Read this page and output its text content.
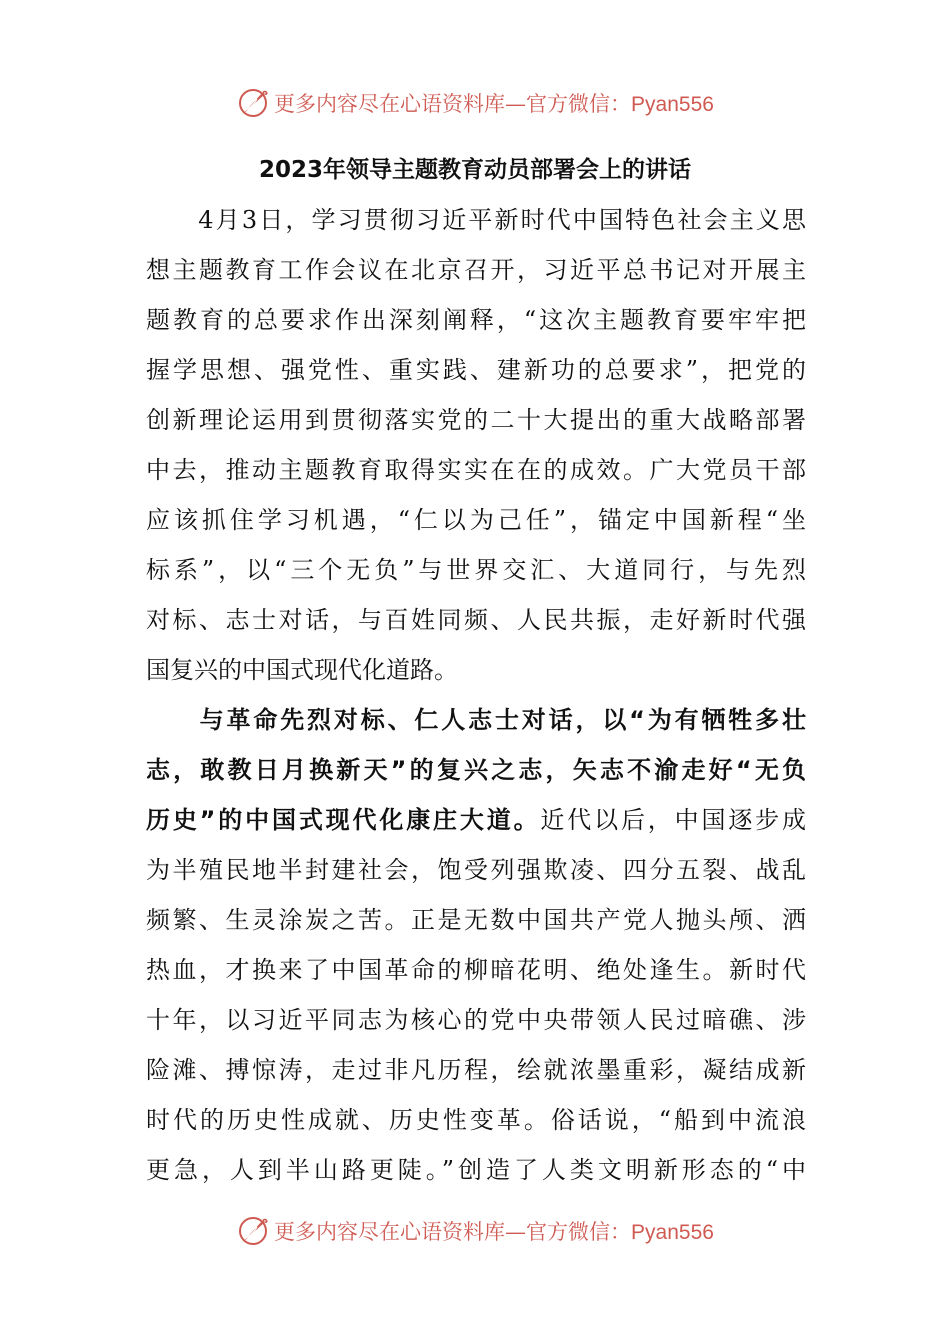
更多内容尽在心语资料库—官方微信：Pyan556
2023年领导主题教育动员部署会上的讲话
　　4月3日，学习贯彻习近平新时代中国特色社会主义思
想主题教育工作会议在北京召开，习近平总书记对开展主
题教育的总要求作出深刻阐释，“这次主题教育要牢牢把
握学思想、强党性、重实践、建新功的总要求”，把党的
创新理论运用到贯彻落实党的二十大提出的重大战略部署
中去，推动主题教育取得实实在在的成效。广大党员干部
应该抓住学习机遇，“仁以为己任”，锚定中国新程“坐
标系”，以“三个无负”与世界交汇、大道同行，与先烈
对标、志士对话，与百姓同频、人民共振，走好新时代强
国复兴的中国式现代化道路。
　　与革命先烈对标、仁人志士对话，以“为有牺牲多壮
志，敢教日月换新天”的复兴之志，矢志不渝走好“无负
历史”的中国式现代化康庄大道。近代以后，中国逐步成
为半殖民地半封建社会，饱受列强欺凌、四分五裂、战乱
频繁、生灵涂炭之苦。正是无数中国共产党人抛头颅、洒
热血，才换来了中国革命的柳暗花明、绝处逢生。新时代
十年，以习近平同志为核心的党中央带领人民过暗礁、涉
险滩、搏惊涛，走过非凡历程，绘就浓墨重彩，凝结成新
时代的历史性成就、历史性变革。俗话说，“船到中流浪
更急，人到半山路更陡。”创造了人类文明新形态的“中
更多内容尽在心语资料库—官方微信：Pyan556
